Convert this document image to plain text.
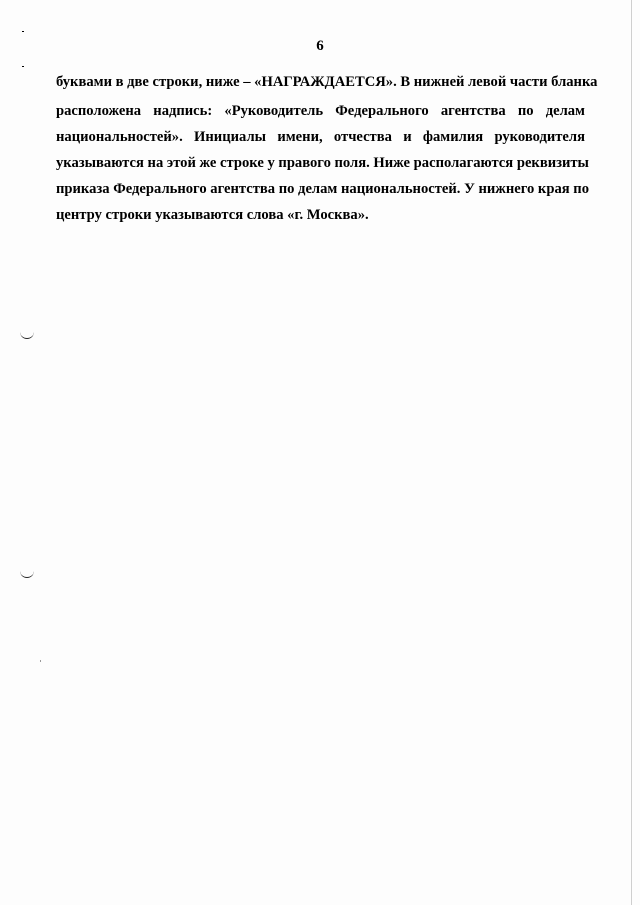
6
буквами в две строки, ниже – «НАГРАЖДАЕТСЯ». В нижней левой части бланка
расположена надпись: «Руководитель Федерального агентства по делам
национальностей». Инициалы имени, отчества и фамилия руководителя
указываются на этой же строке у правого поля. Ниже располагаются реквизиты
приказа Федерального агентства по делам национальностей. У нижнего края по
центру строки указываются слова «г. Москва».
